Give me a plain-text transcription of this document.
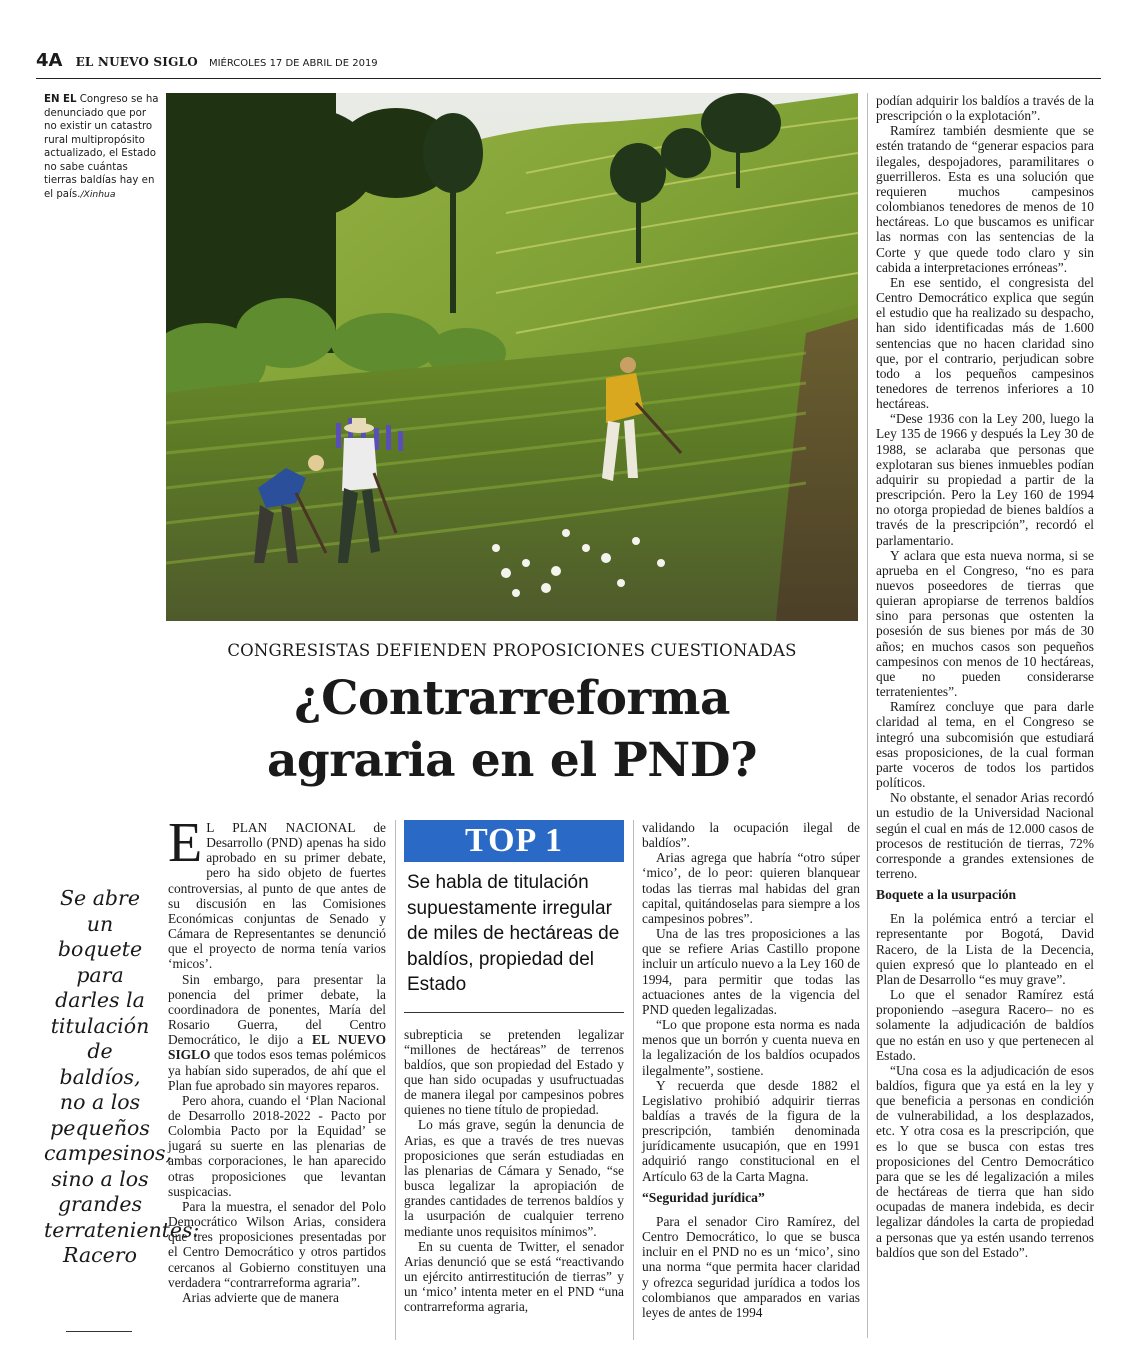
4A EL NUEVO SIGLO MIÉRCOLES 17 DE ABRIL DE 2019
EN EL Congreso se ha denunciado que por no existir un catastro rural multipropósito actualizado, el Estado no sabe cuántas tierras baldías hay en el país./Xinhua
CONGRESISTAS DEFIENDEN PROPOSICIONES CUESTIONADAS
¿Contrarreforma
agraria en el PND?
Se abre un boquete para darles la titulación de baldíos, no a los pequeños campesinos, sino a los grandes terratenientes: Racero

E L PLAN NACIONAL de Desarrollo (PND) apenas ha sido aprobado en su primer debate, pero ha sido objeto de fuertes controversias, al punto de que antes de su discusión en las Comisiones Económicas conjuntas de Senado y Cámara de Representantes se denunció que el proyecto de norma tenía varios ‘micos’.

Sin embargo, para presentar la ponencia del primer debate, la coordinadora de ponentes, María del Rosario Guerra, del Centro Democrático, le dijo a EL NUEVO SIGLO que todos esos temas polémicos ya habían sido superados, de ahí que el Plan fue aprobado sin mayores reparos.

Pero ahora, cuando el ‘Plan Nacional de Desarrollo 2018-2022 - Pacto por Colombia Pacto por la Equidad’ se jugará su suerte en las plenarias de ambas corporaciones, le han aparecido otras proposiciones que levantan suspicacias.

Para la muestra, el senador del Polo Democrático Wilson Arias, considera que tres proposiciones presentadas por el Centro Democrático y otros partidos cercanos al Gobierno constituyen una verdadera “contrarreforma agraria”.

Arias advierte que de manera

TOP 1
Se habla de titulación supuestamente irregular de miles de hectáreas de baldíos, propiedad del Estado

subrepticia se pretenden legalizar “millones de hectáreas” de terrenos baldíos, que son propiedad del Estado y que han sido ocupadas y usufructuadas de manera ilegal por campesinos pobres quienes no tiene título de propiedad.

Lo más grave, según la denuncia de Arias, es que a través de tres nuevas proposiciones que serán estudiadas en las plenarias de Cámara y Senado, “se busca legalizar la apropiación de grandes cantidades de terrenos baldíos y la usurpación de cualquier terreno mediante unos requisitos mínimos”.

En su cuenta de Twitter, el senador Arias denunció que se está “reactivando un ejército antirrestitución de tierras” y un ‘mico’ intenta meter en el PND “una contrarreforma agraria,

validando la ocupación ilegal de baldíos”.

Arias agrega que habría “otro súper ‘mico’, de lo peor: quieren blanquear todas las tierras mal habidas del gran capital, quitándoselas para siempre a los campesinos pobres”.

Una de las tres proposiciones a las que se refiere Arias Castillo propone incluir un artículo nuevo a la Ley 160 de 1994, para permitir que todas las actuaciones antes de la vigencia del PND queden legalizadas.

“Lo que propone esta norma es nada menos que un borrón y cuenta nueva en la legalización de los baldíos ocupados ilegalmente”, sostiene.

Y recuerda que desde 1882 el Legislativo prohibió adquirir tierras baldías a través de la figura de la prescripción, también denominada jurídicamente usucapión, que en 1991 adquirió rango constitucional en el Artículo 63 de la Carta Magna.

“Seguridad jurídica”

Para el senador Ciro Ramírez, del Centro Democrático, lo que se busca incluir en el PND no es un ‘mico’, sino una norma “que permita hacer claridad y ofrezca seguridad jurídica a todos los colombianos que amparados en varias leyes de antes de 1994

podían adquirir los baldíos a través de la prescripción o la explotación”.

Ramírez también desmiente que se estén tratando de “generar espacios para ilegales, despojadores, paramilitares o guerrilleros. Esta es una solución que requieren muchos campesinos colombianos tenedores de menos de 10 hectáreas. Lo que buscamos es unificar las normas con las sentencias de la Corte y que quede todo claro y sin cabida a interpretaciones erróneas”.

En ese sentido, el congresista del Centro Democrático explica que según el estudio que ha realizado su despacho, han sido identificadas más de 1.600 sentencias que no hacen claridad sino que, por el contrario, perjudican sobre todo a los pequeños campesinos tenedores de terrenos inferiores a 10 hectáreas.

“Dese 1936 con la Ley 200, luego la Ley 135 de 1966 y después la Ley 30 de 1988, se aclaraba que personas que explotaran sus bienes inmuebles podían adquirir su propiedad a partir de la prescripción. Pero la Ley 160 de 1994 no otorga propiedad de bienes baldíos a través de la prescripción”, recordó el parlamentario.

Y aclara que esta nueva norma, si se aprueba en el Congreso, “no es para nuevos poseedores de tierras que quieran apropiarse de terrenos baldíos sino para personas que ostenten la posesión de sus bienes por más de 30 años; en muchos casos son pequeños campesinos con menos de 10 hectáreas, que no pueden considerarse terratenientes”.

Ramírez concluye que para darle claridad al tema, en el Congreso se integró una subcomisión que estudiará esas proposiciones, de la cual forman parte voceros de todos los partidos políticos.

No obstante, el senador Arias recordó un estudio de la Universidad Nacional según el cual en más de 12.000 casos de procesos de restitución de tierras, 72% corresponde a grandes extensiones de terreno.

Boquete a la usurpación

En la polémica entró a terciar el representante por Bogotá, David Racero, de la Lista de la Decencia, quien expresó que lo planteado en el Plan de Desarrollo “es muy grave”.

Lo que el senador Ramírez está proponiendo –asegura Racero– no es solamente la adjudicación de baldíos que no están en uso y que pertenecen al Estado.

“Una cosa es la adjudicación de esos baldíos, figura que ya está en la ley y que beneficia a personas en condición de vulnerabilidad, a los desplazados, etc. Y otra cosa es la prescripción, que es lo que se busca con estas tres proposiciones del Centro Democrático para que se les dé legalización a miles de hectáreas de tierra que han sido ocupadas de manera indebida, es decir legalizar dándoles la carta de propiedad a personas que ya estén usando terrenos baldíos que son del Estado”.
